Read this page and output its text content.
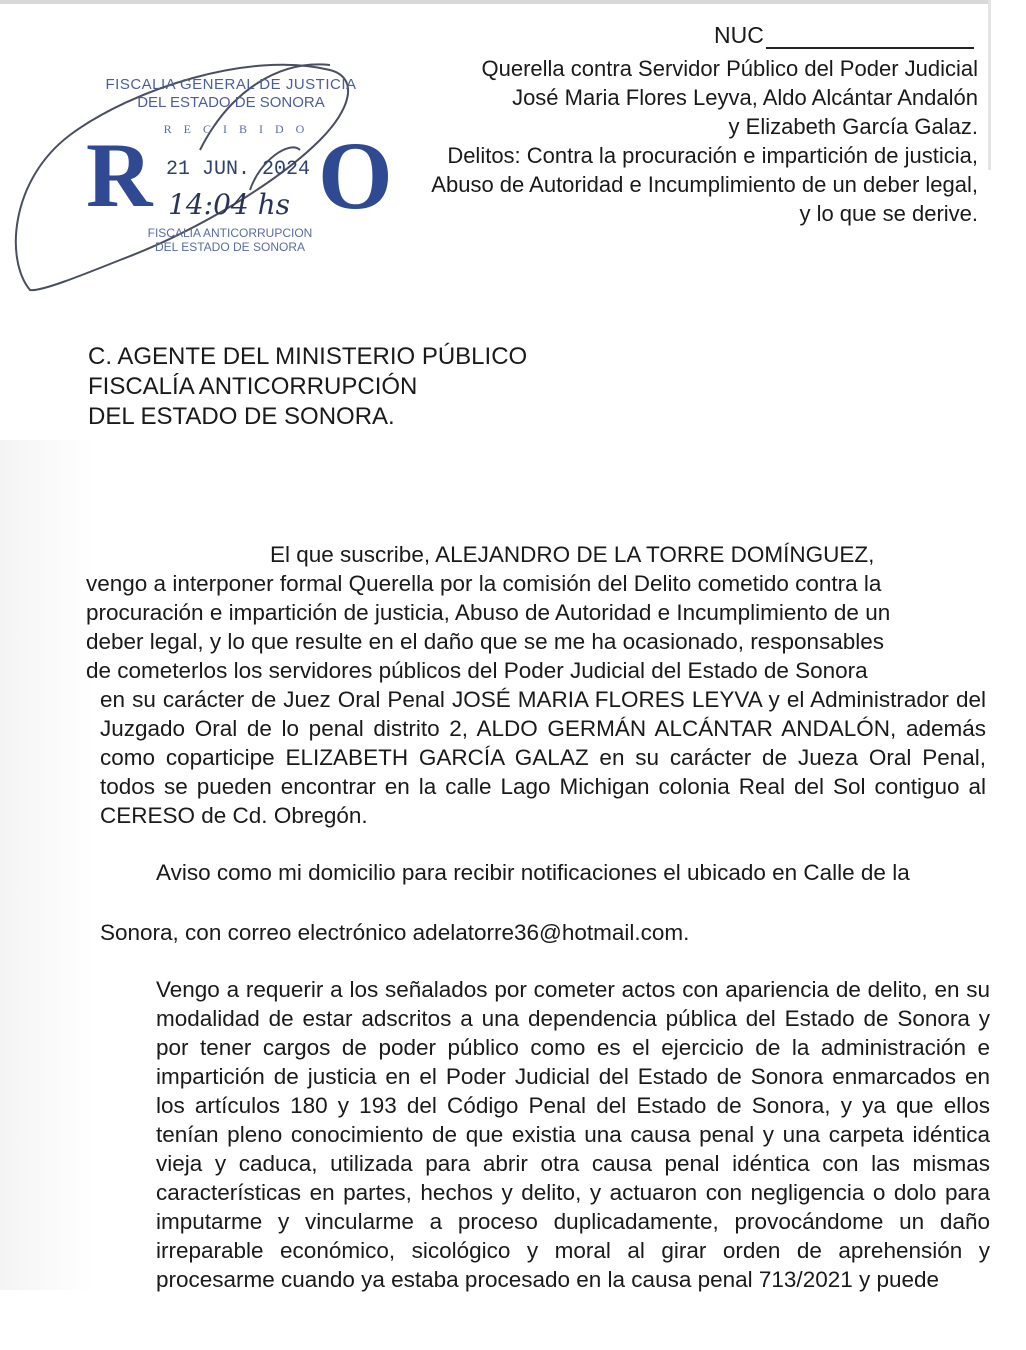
NUC
Querella contra Servidor Público del Poder Judicial
José Maria Flores Leyva, Aldo Alcántar Andalón
y Elizabeth García Galaz.
Delitos: Contra la procuración e impartición de justicia,
Abuso de Autoridad e Incumplimiento de un deber legal,
y lo que se derive.
FISCALIA GENERAL DE JUSTICIA
DEL ESTADO DE SONORA
R RECIBIDO O
21 JUN. 2024
14:04 hs
FISCALIA ANTICORRUPCION
DEL ESTADO DE SONORA
C. AGENTE DEL MINISTERIO PÚBLICO
FISCALÍA ANTICORRUPCIÓN
DEL ESTADO DE SONORA.

El que suscribe, ALEJANDRO DE LA TORRE DOMÍNGUEZ,

vengo a interponer formal Querella por la comisión del Delito cometido contra la

procuración e impartición de justicia, Abuso de Autoridad e Incumplimiento de un

deber legal, y lo que resulte en el daño que se me ha ocasionado, responsables

de cometerlos los servidores públicos del Poder Judicial del Estado de Sonora

en su carácter de Juez Oral Penal JOSÉ MARIA FLORES LEYVA y el Administrador del Juzgado Oral de lo penal distrito 2, ALDO GERMÁN ALCÁNTAR ANDALÓN, además como coparticipe ELIZABETH GARCÍA GALAZ en su carácter de Jueza Oral Penal, todos se pueden encontrar en la calle Lago Michigan colonia Real del Sol contiguo al CERESO de Cd. Obregón.

Aviso como mi domicilio para recibir notificaciones el ubicado en Calle de la

Sonora, con correo electrónico adelatorre36@hotmail.com.

Vengo a requerir a los señalados por cometer actos con apariencia de delito, en su modalidad de estar adscritos a una dependencia pública del Estado de Sonora y por tener cargos de poder público como es el ejercicio de la administración e impartición de justicia en el Poder Judicial del Estado de Sonora enmarcados en los artículos 180 y 193 del Código Penal del Estado de Sonora, y ya que ellos tenían pleno conocimiento de que existia una causa penal y una carpeta idéntica vieja y caduca, utilizada para abrir otra causa penal idéntica con las mismas características en partes, hechos y delito, y actuaron con negligencia o dolo para imputarme y vincularme a proceso duplicadamente, provocándome un daño irreparable económico, sicológico y moral al girar orden de aprehensión y procesarme cuando ya estaba procesado en la causa penal 713/2021 y puede
